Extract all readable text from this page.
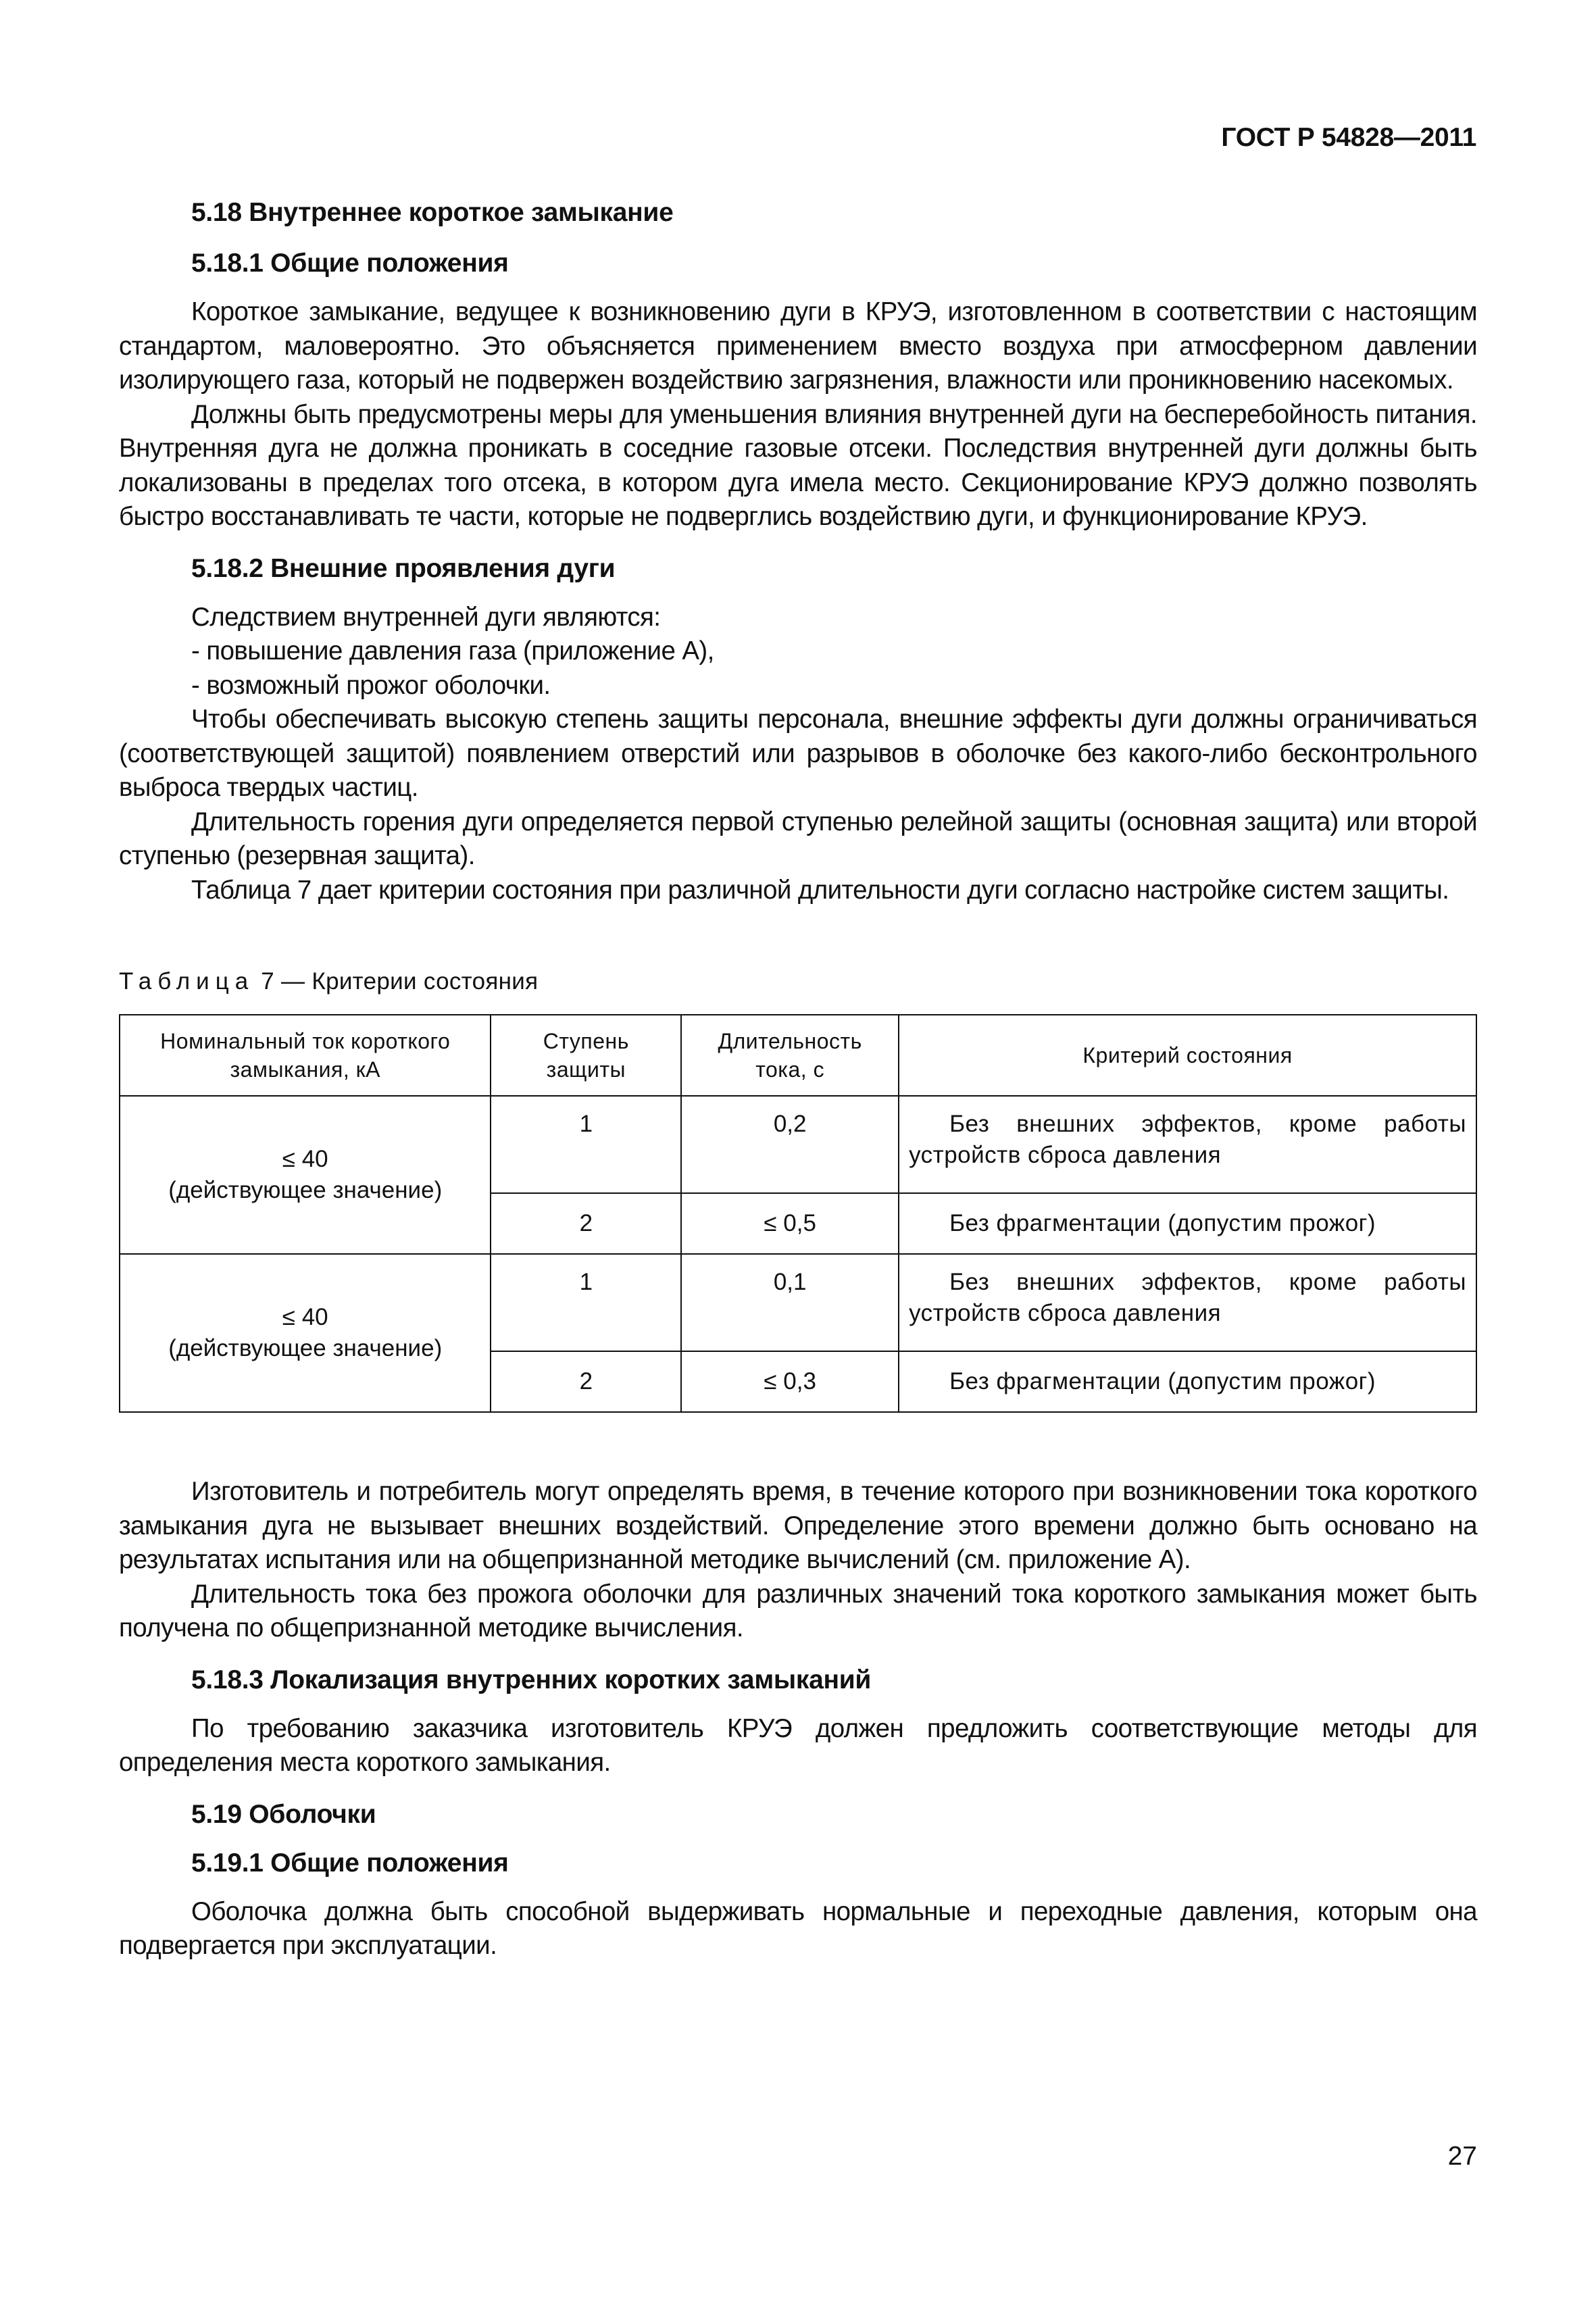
ГОСТ Р 54828—2011
5.18 Внутреннее короткое замыкание
5.18.1 Общие положения

Короткое замыкание, ведущее к возникновению дуги в КРУЭ, изготовленном в соответствии с настоящим стандартом, маловероятно. Это объясняется применением вместо воздуха при атмосферном давлении изолирующего газа, который не подвержен воздействию загрязнения, влажности или проникновению насекомых.

Должны быть предусмотрены меры для уменьшения влияния внутренней дуги на бесперебойность питания. Внутренняя дуга не должна проникать в соседние газовые отсеки. Последствия внутренней дуги должны быть локализованы в пределах того отсека, в котором дуга имела место. Секционирование КРУЭ должно позволять быстро восстанавливать те части, которые не подверглись воздействию дуги, и функционирование КРУЭ.

5.18.2 Внешние проявления дуги

Следствием внутренней дуги являются:

- повышение давления газа (приложение А),

- возможный прожог оболочки.

Чтобы обеспечивать высокую степень защиты персонала, внешние эффекты дуги должны ограничиваться (соответствующей защитой) появлением отверстий или разрывов в оболочке без какого-либо бесконтрольного выброса твердых частиц.

Длительность горения дуги определяется первой ступенью релейной защиты (основная защита) или второй ступенью (резервная защита).

Таблица 7 дает критерии состояния при различной длительности дуги согласно настройке систем защиты.

Таблица 7 — Критерии состояния
Номинальный ток короткого замыкания, кА	Ступень защиты	Длительность тока, с	Критерий состояния

≤ 40
(действующее значение)	1	0,2	Без внешних эффектов, кроме работы устройств сброса давления

	2	≤ 0,5	Без фрагментации (допустим прожог)

≤ 40
(действующее значение)	1	0,1	Без внешних эффектов, кроме работы устройств сброса давления

	2	≤ 0,3	Без фрагментации (допустим прожог)

Изготовитель и потребитель могут определять время, в течение которого при возникновении тока короткого замыкания дуга не вызывает внешних воздействий. Определение этого времени должно быть основано на результатах испытания или на общепризнанной методике вычислений (см. приложение А).

Длительность тока без прожога оболочки для различных значений тока короткого замыкания может быть получена по общепризнанной методике вычисления.

5.18.3 Локализация внутренних коротких замыканий

По требованию заказчика изготовитель КРУЭ должен предложить соответствующие методы для определения места короткого замыкания.

5.19 Оболочки
5.19.1 Общие положения

Оболочка должна быть способной выдерживать нормальные и переходные давления, которым она подвергается при эксплуатации.

27
